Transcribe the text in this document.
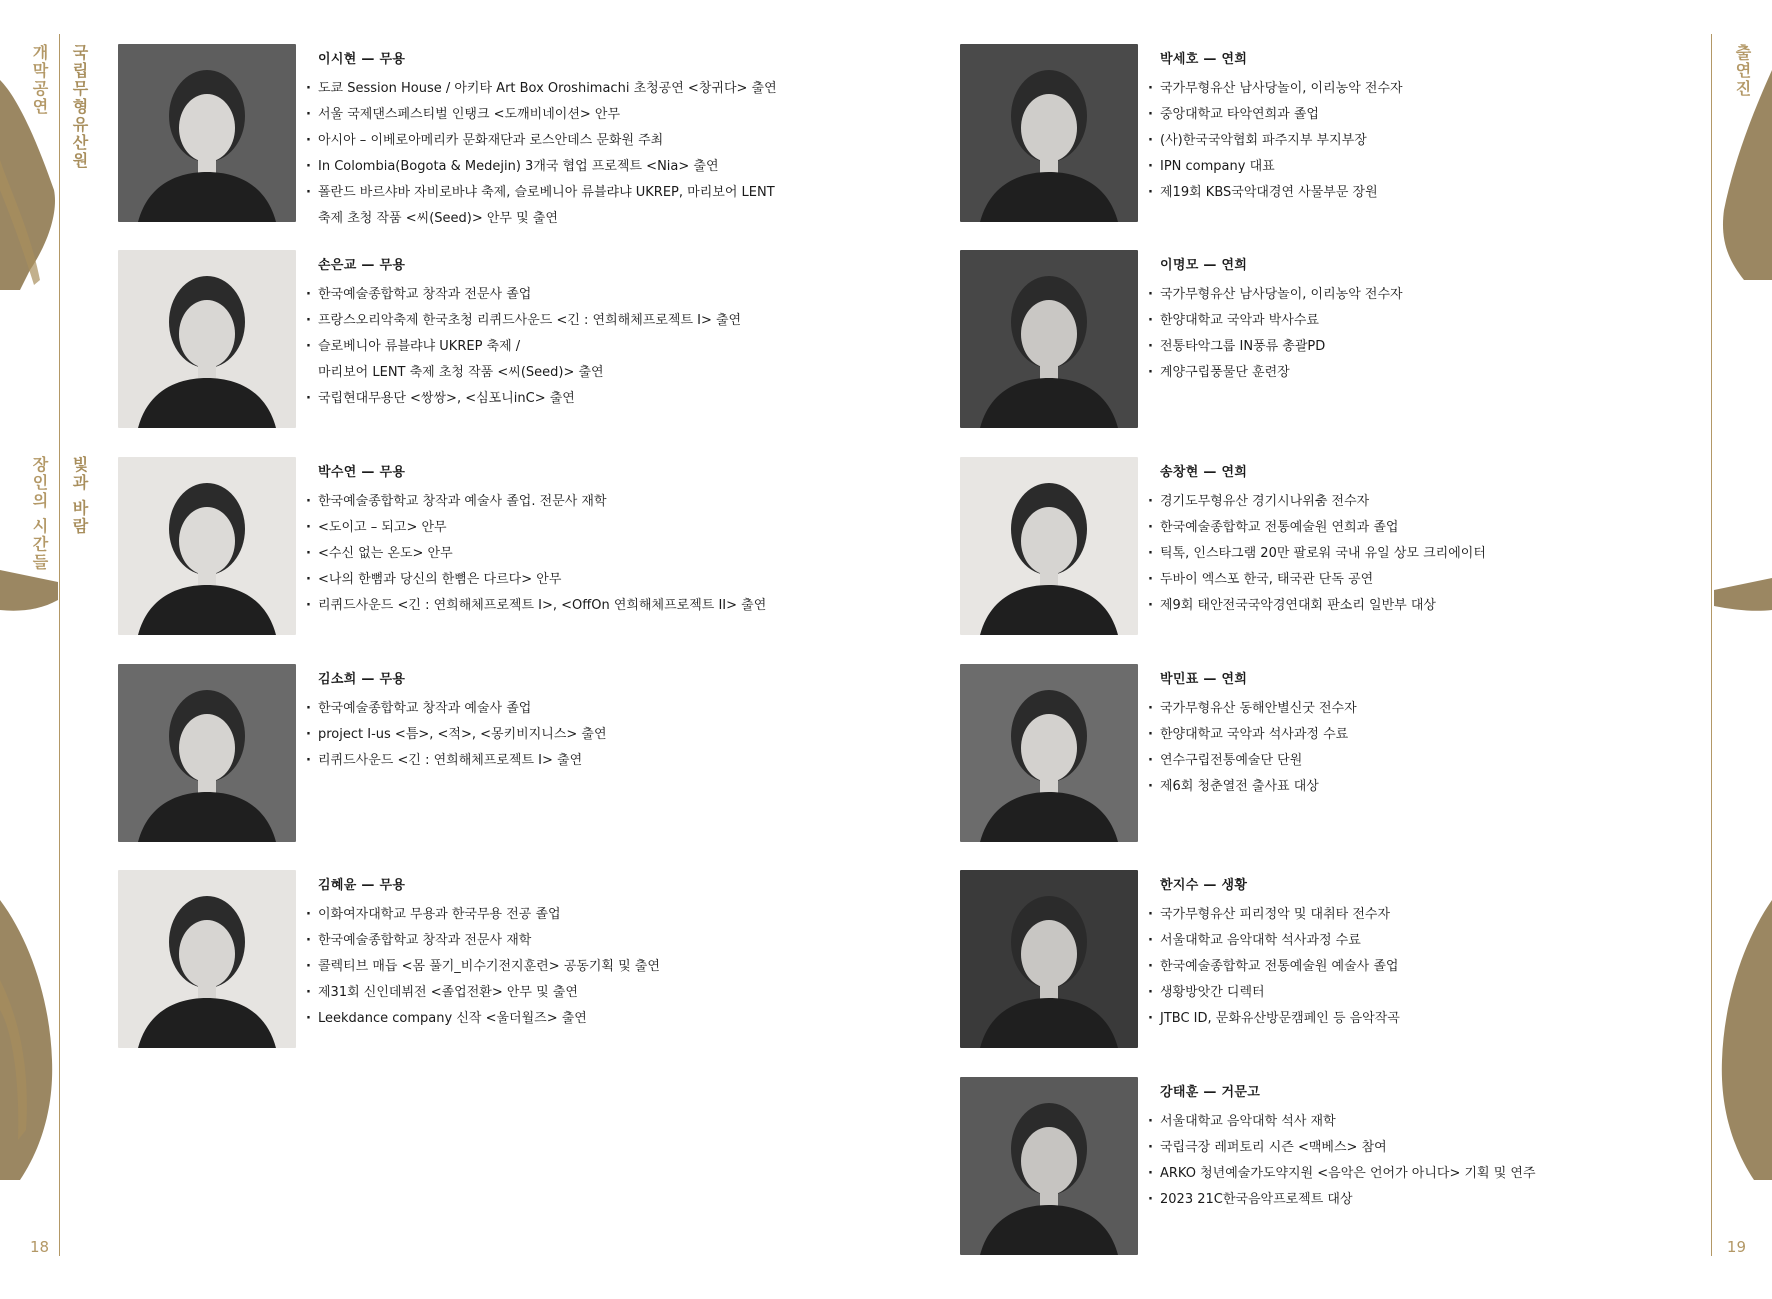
개막공연 국립무형유산원
장인의 시간들 빛과 바람
18
출연진
19
이시현 — 무용
· 도쿄 Session House / 아키타 Art Box Oroshimachi 초청공연 <창귀다> 출연
· 서울 국제댄스페스티벌 인탱크 <도깨비네이션> 안무
· 아시아 – 이베로아메리카 문화재단과 로스안데스 문화원 주최
· In Colombia(Bogota & Medejin) 3개국 협업 프로젝트 <Nia> 출연
· 폴란드 바르샤바 자비로바냐 축제, 슬로베니아 류블랴냐 UKREP, 마리보어 LENT
축제 초청 작품 <씨(Seed)> 안무 및 출연
손은교 — 무용
· 한국예술종합학교 창작과 전문사 졸업
· 프랑스오리악축제 한국초청 리퀴드사운드 <긴 : 연희해체프로젝트 I> 출연
· 슬로베니아 류블랴냐 UKREP 축제 /
마리보어 LENT 축제 초청 작품 <씨(Seed)> 출연
· 국립현대무용단 <쌍쌍>, <심포니inC> 출연
박수연 — 무용
· 한국예술종합학교 창작과 예술사 졸업. 전문사 재학
· <도이고 – 되고> 안무
· <수신 없는 온도> 안무
· <나의 한뼘과 당신의 한뼘은 다르다> 안무
· 리퀴드사운드 <긴 : 연희해체프로젝트 I>, <OffOn 연희해체프로젝트 II> 출연
김소희 — 무용
· 한국예술종합학교 창작과 예술사 졸업
· project I-us <틈>, <적>, <몽키비지니스> 출연
· 리퀴드사운드 <긴 : 연희해체프로젝트 I> 출연
김혜윤 — 무용
· 이화여자대학교 무용과 한국무용 전공 졸업
· 한국예술종합학교 창작과 전문사 재학
· 콜렉티브 매듭 <몸 풀기_비수기전지훈련> 공동기획 및 출연
· 제31회 신인데뷔전 <졸업전환> 안무 및 출연
· Leekdance company 신작 <울더월즈> 출연
박세호 — 연희
· 국가무형유산 남사당놀이, 이리농악 전수자
· 중앙대학교 타악연희과 졸업
· (사)한국국악협회 파주지부 부지부장
· IPN company 대표
· 제19회 KBS국악대경연 사물부문 장원
이명모 — 연희
· 국가무형유산 남사당놀이, 이리농악 전수자
· 한양대학교 국악과 박사수료
· 전통타악그룹 IN풍류 총괄PD
· 계양구립풍물단 훈련장
송창현 — 연희
· 경기도무형유산 경기시나위춤 전수자
· 한국예술종합학교 전통예술원 연희과 졸업
· 틱톡, 인스타그램 20만 팔로워 국내 유일 상모 크리에이터
· 두바이 엑스포 한국, 태국관 단독 공연
· 제9회 태안전국국악경연대회 판소리 일반부 대상
박민표 — 연희
· 국가무형유산 동해안별신굿 전수자
· 한양대학교 국악과 석사과정 수료
· 연수구립전통예술단 단원
· 제6회 청춘열전 출사표 대상
한지수 — 생황
· 국가무형유산 피리정악 및 대취타 전수자
· 서울대학교 음악대학 석사과정 수료
· 한국예술종합학교 전통예술원 예술사 졸업
· 생황방앗간 디렉터
· JTBC ID, 문화유산방문캠페인 등 음악작곡
강태훈 — 거문고
· 서울대학교 음악대학 석사 재학
· 국립극장 레퍼토리 시즌 <맥베스> 참여
· ARKO 청년예술가도약지원 <음악은 언어가 아니다> 기획 및 연주
· 2023 21C한국음악프로젝트 대상
